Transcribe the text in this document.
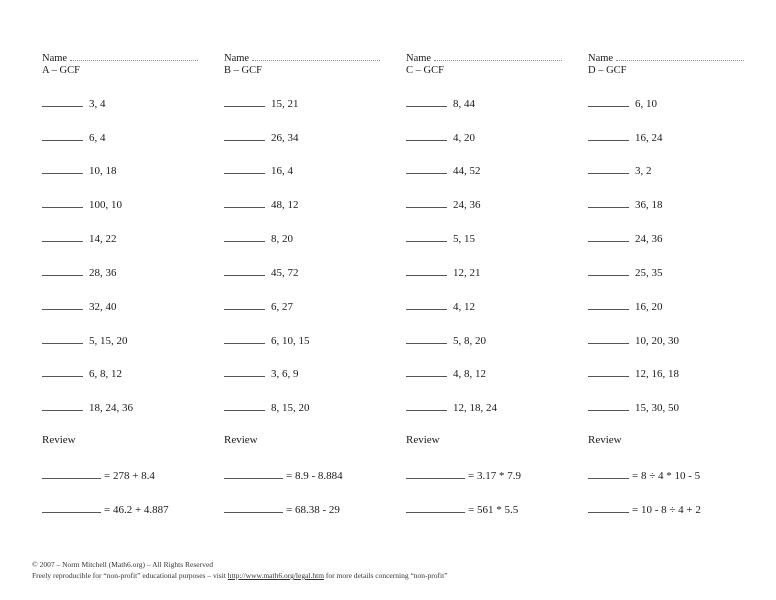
Name
A – GCF
3, 4
6, 4
10, 18
100, 10
14, 22
28, 36
32, 40
5, 15, 20
6, 8, 12
18, 24, 36
Review
= 278 + 8.4
= 46.2 + 4.887
Name
B – GCF
15, 21
26, 34
16, 4
48, 12
8, 20
45, 72
6, 27
6, 10, 15
3, 6, 9
8, 15, 20
Review
= 8.9 - 8.884
= 68.38 - 29
Name
C – GCF
8, 44
4, 20
44, 52
24, 36
5, 15
12, 21
4, 12
5, 8, 20
4, 8, 12
12, 18, 24
Review
= 3.17 * 7.9
= 561 * 5.5
Name
D – GCF
6, 10
16, 24
3, 2
36, 18
24, 36
25, 35
16, 20
10, 20, 30
12, 16, 18
15, 30, 50
Review
= 8 ÷ 4 * 10 - 5
= 10 - 8 ÷ 4 + 2
© 2007 – Norm Mitchell (Math6.org) – All Rights Reserved
Freely reproducible for “non-profit” educational purposes – visit http://www.math6.org/legal.htm for more details concerning “non-profit”
